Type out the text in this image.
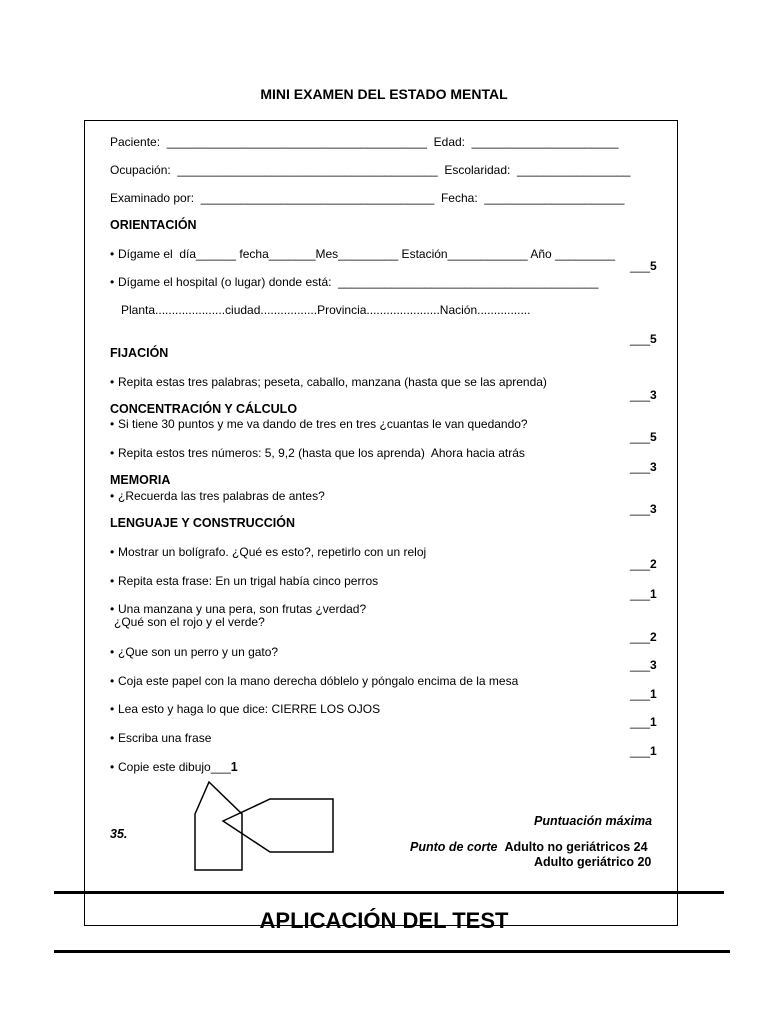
MINI EXAMEN DEL ESTADO MENTAL
Paciente:  _______________________________________  Edad:  ______________________
Ocupación:  _______________________________________  Escolaridad:  _________________
Examinado por:  ___________________________________  Fecha:  _____________________
ORIENTACIÓN
• Dígame el  día______ fecha_______Mes_________ Estación____________ Año _________
___5
• Dígame el hospital (o lugar) donde está:  _______________________________________
Planta.....................ciudad.................Provincia......................Nación................
___5
FIJACIÓN
• Repita estas tres palabras; peseta, caballo, manzana (hasta que se las aprenda)
___3
CONCENTRACIÓN Y CÁLCULO
• Si tiene 30 puntos y me va dando de tres en tres ¿cuantas le van quedando?
___5
• Repita estos tres números: 5, 9,2 (hasta que los aprenda)  Ahora hacia atrás
___3
MEMORIA
• ¿Recuerda las tres palabras de antes?
___3
LENGUAJE Y CONSTRUCCIÓN
• Mostrar un bolígrafo. ¿Qué es esto?, repetirlo con un reloj
___2
• Repita esta frase: En un trigal había cinco perros
___1
• Una manzana y una pera, son frutas ¿verdad?
¿Qué son el rojo y el verde?
___2
• ¿Que son un perro y un gato?
___3
• Coja este papel con la mano derecha dóblelo y póngalo encima de la mesa
___1
• Lea esto y haga lo que dice: CIERRE LOS OJOS
___1
• Escriba una frase
___1
• Copie este dibujo___1
35.
Puntuación máxima
Punto de corte Adulto no geriátricos 24
Adulto geriátrico 20
APLICACIÓN DEL TEST
